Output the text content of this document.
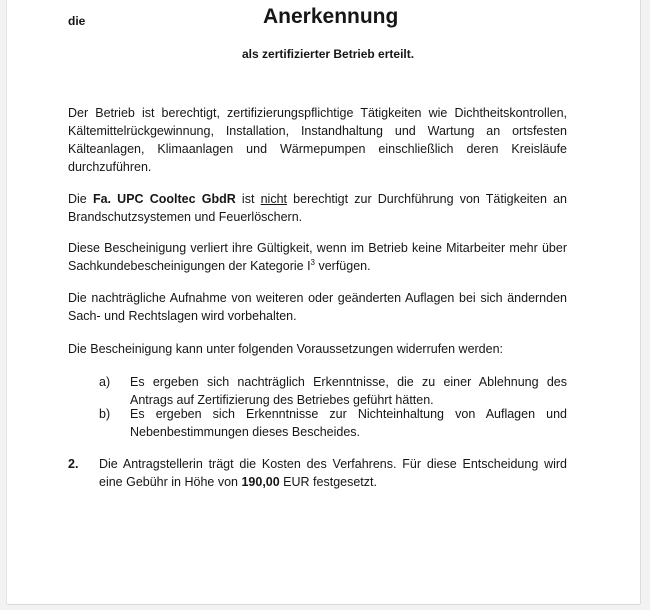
die	Anerkennung
als zertifizierter Betrieb erteilt.
Der Betrieb ist berechtigt, zertifizierungspflichtige Tätigkeiten wie Dichtheitskontrollen, Kältemittelrückgewinnung, Installation, Instandhaltung und Wartung an ortsfesten Kälteanlagen, Klimaanlagen und Wärmepumpen einschließlich deren Kreisläufe durchzuführen.
Die Fa. UPC Cooltec GbdR ist nicht berechtigt zur Durchführung von Tätigkeiten an Brandschutzsystemen und Feuerlöschern.
Diese Bescheinigung verliert ihre Gültigkeit, wenn im Betrieb keine Mitarbeiter mehr über Sachkundebescheinigungen der Kategorie $I^3$ verfügen.
Die nachträgliche Aufnahme von weiteren oder geänderten Auflagen bei sich ändernden Sach- und Rechtslagen wird vorbehalten.
Die Bescheinigung kann unter folgenden Voraussetzungen widerrufen werden:
a) Es ergeben sich nachträglich Erkenntnisse, die zu einer Ablehnung des Antrags auf Zertifizierung des Betriebes geführt hätten.
b) Es ergeben sich Erkenntnisse zur Nichteinhaltung von Auflagen und Nebenbestimmungen dieses Bescheides.
2. Die Antragstellerin trägt die Kosten des Verfahrens. Für diese Entscheidung wird eine Gebühr in Höhe von 190,00 EUR festgesetzt.
